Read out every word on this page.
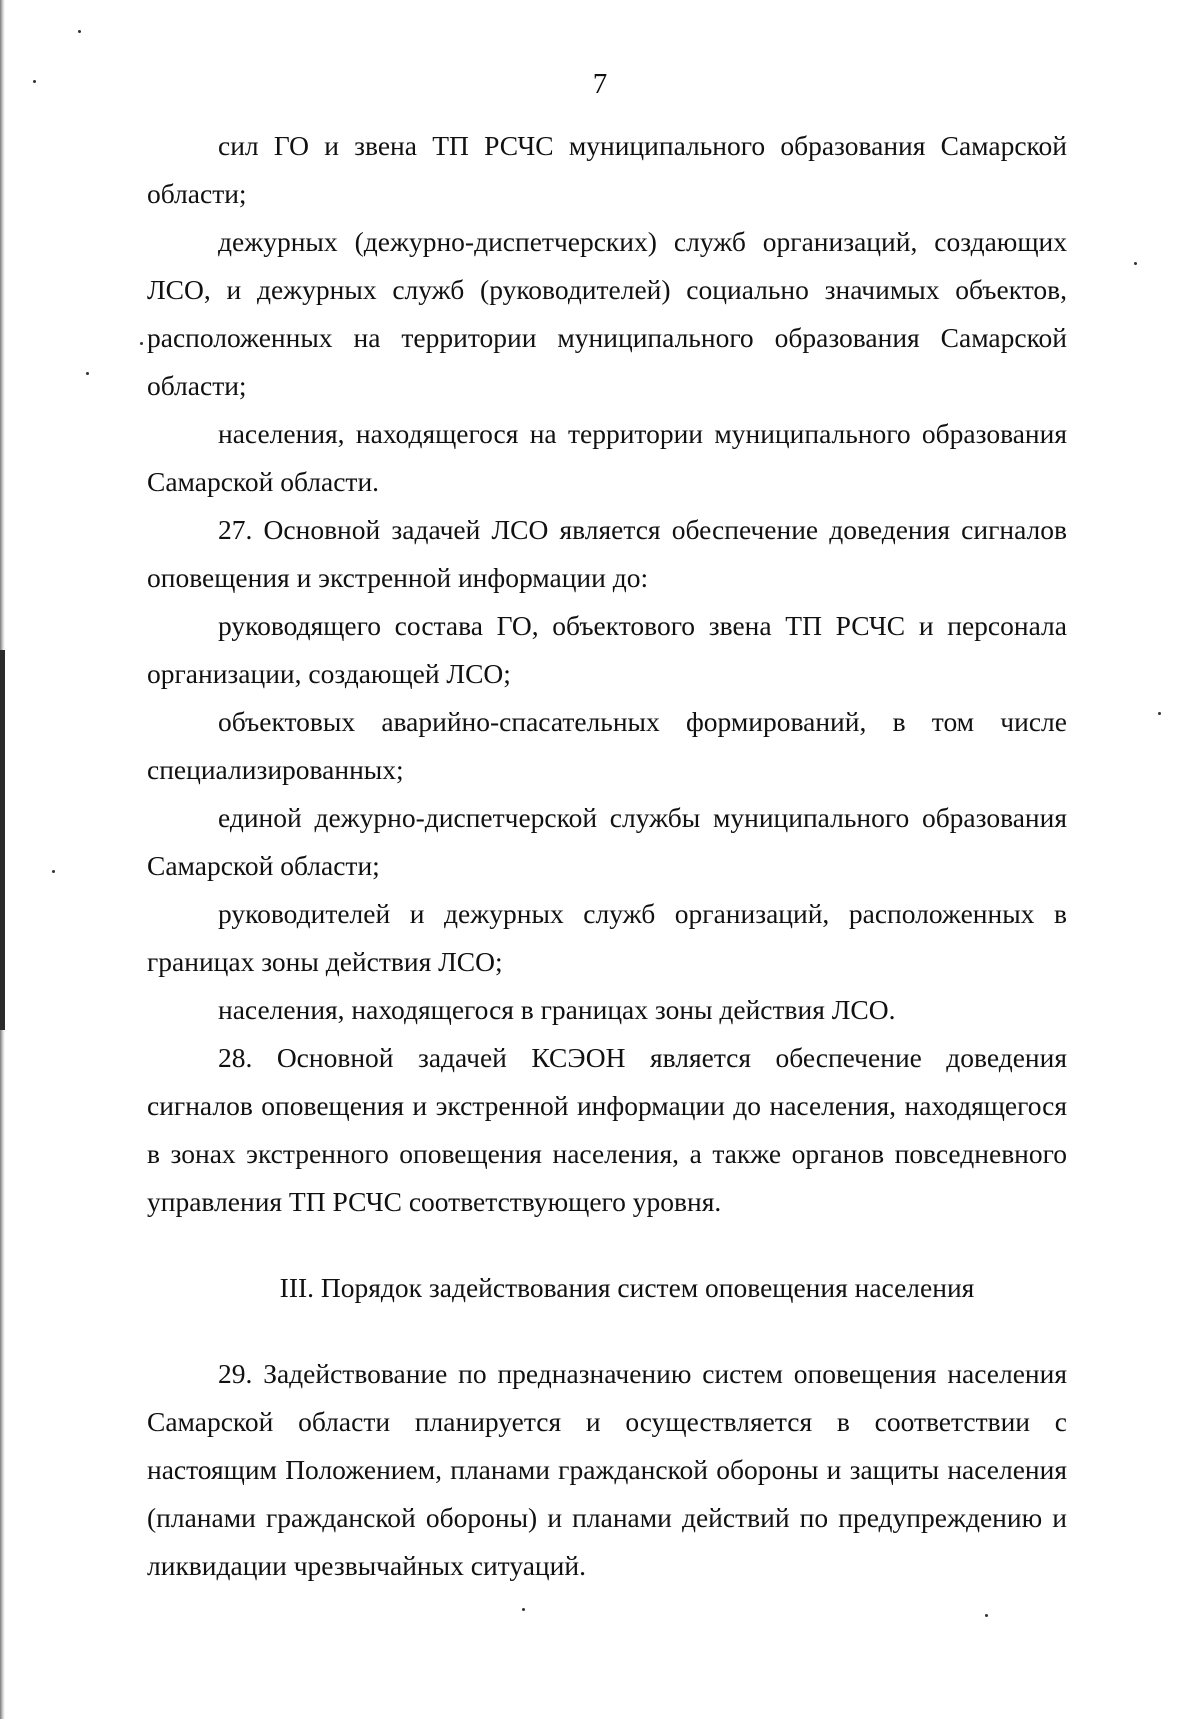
7

сил ГО и звена ТП РСЧС муниципального образования Самарской области;

дежурных (дежурно-диспетчерских) служб организаций, создающих ЛСО, и дежурных служб (руководителей) социально значимых объектов, расположенных на территории муниципального образования Самарской области;

населения, находящегося на территории муниципального образования Самарской области.

27. Основной задачей ЛСО является обеспечение доведения сигналов оповещения и экстренной информации до:

руководящего состава ГО, объектового звена ТП РСЧС и персонала организации, создающей ЛСО;

объектовых аварийно-спасательных формирований, в том числе специализированных;

единой дежурно-диспетчерской службы муниципального образования Самарской области;

руководителей и дежурных служб организаций, расположенных в границах зоны действия ЛСО;

населения, находящегося в границах зоны действия ЛСО.

28. Основной задачей КСЭОН является обеспечение доведения сигналов оповещения и экстренной информации до населения, находящегося в зонах экстренного оповещения населения, а также органов повседневного управления ТП РСЧС соответствующего уровня.

III. Порядок задействования систем оповещения населения

29. Задействование по предназначению систем оповещения населения Самарской области планируется и осуществляется в соответствии с настоящим Положением, планами гражданской обороны и защиты населения (планами гражданской обороны) и планами действий по предупреждению и ликвидации чрезвычайных ситуаций.
